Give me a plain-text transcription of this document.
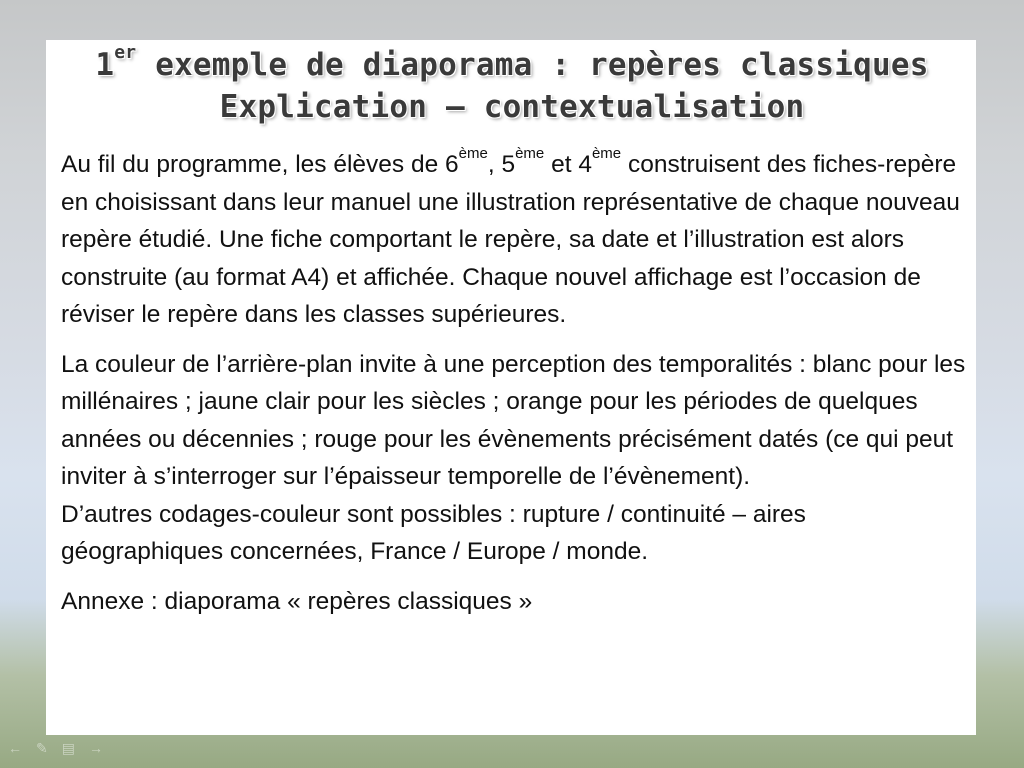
1er exemple de diaporama : repères classiques
Explication – contextualisation

Au fil du programme, les élèves de 6ème, 5ème et 4ème construisent des fiches-repère en choisissant dans leur manuel une illustration représentative de chaque nouveau repère étudié. Une fiche comportant le repère, sa date et l’illustration est alors construite (au format A4) et affichée. Chaque nouvel affichage est l’occasion de réviser le repère dans les classes supérieures.

La couleur de l’arrière-plan invite à une perception des temporalités : blanc pour les millénaires ; jaune clair pour les siècles ; orange pour les périodes de quelques années ou décennies ; rouge pour les évènements précisément datés (ce qui peut inviter à s’interroger sur l’épaisseur temporelle de l’évènement).
D’autres codages-couleur sont possibles : rupture / continuité – aires géographiques concernées, France / Europe / monde.

Annexe : diaporama « repères classiques »

← ✎ ▤ →
